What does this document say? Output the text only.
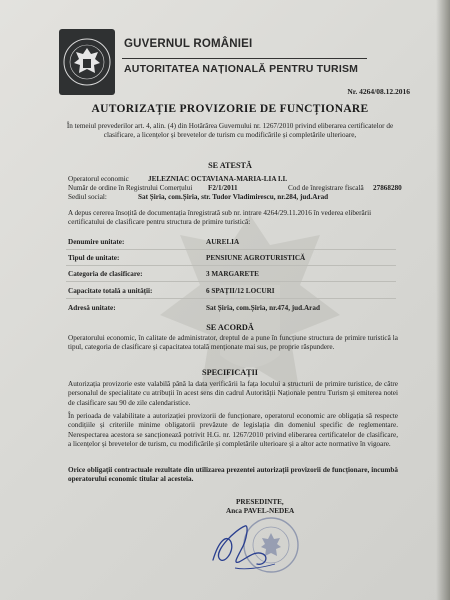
GUVERNUL ROMÂNIEI
AUTORITATEA NAȚIONALĂ PENTRU TURISM
Nr. 4264/08.12.2016
AUTORIZAȚIE PROVIZORIE DE FUNCȚIONARE
În temeiul prevederilor art. 4, alin. (4) din Hotărârea Guvernului nr. 1267/2010 privind eliberarea certificatelor de clasificare, a licențelor și brevetelor de turism cu modificările și completările ulterioare,
SE ATESTĂ
Operatorul economic	JELEZNIAC OCTAVIANA-MARIA-LIA I.I.
Număr de ordine în Registrului Comerțului F2/1/2011	Cod de înregistrare fiscală 27868280
Sediul social:	Sat Șiria, com.Șiria, str. Tudor Vladimirescu, nr.284, jud.Arad
A depus cererea însoțită de documentația înregistrată sub nr. intrare 4264/29.11.2016 în vederea eliberării certificatului de clasificare pentru structura de primire turistică:
Denumire unitate:	AURELIA
Tipul de unitate:	PENSIUNE AGROTURISTICĂ
Categoria de clasificare:	3 MARGARETE
Capacitate totală a unității:	6 SPAȚII/12 LOCURI
Adresă unitate:	Sat Șiria, com.Șiria, nr.474, jud.Arad
SE ACORDĂ
Operatorului economic, în calitate de administrator, dreptul de a pune în funcțiune structura de primire turistică la tipul, categoria de clasificare și capacitatea totală menționate mai sus, pe proprie răspundere.
SPECIFICAȚII
Autorizația provizorie este valabilă până la data verificării la fața locului a structurii de primire turistice, de către personalul de specialitate cu atribuții în acest sens din cadrul Autorității Naționale pentru Turism și emiterea notei de clasificare sau 90 de zile calendaristice.
În perioada de valabilitate a autorizației provizorii de funcționare, operatorul economic are obligația să respecte condițiile și criteriile minime obligatorii prevăzute de legislația din domeniul specific de reglementare. Nerespectarea acestora se sancționează potrivit H.G. nr. 1267/2010 privind eliberarea certificatelor de clasificare, a licențelor și brevetelor de turism, cu modificările și completările ulterioare și a altor acte normative în vigoare.
Orice obligații contractuale rezultate din utilizarea prezentei autorizații provizorii de funcționare, incumbă operatorului economic titular al acesteia.
PRESEDINTE,
Anca PAVEL-NEDEA
